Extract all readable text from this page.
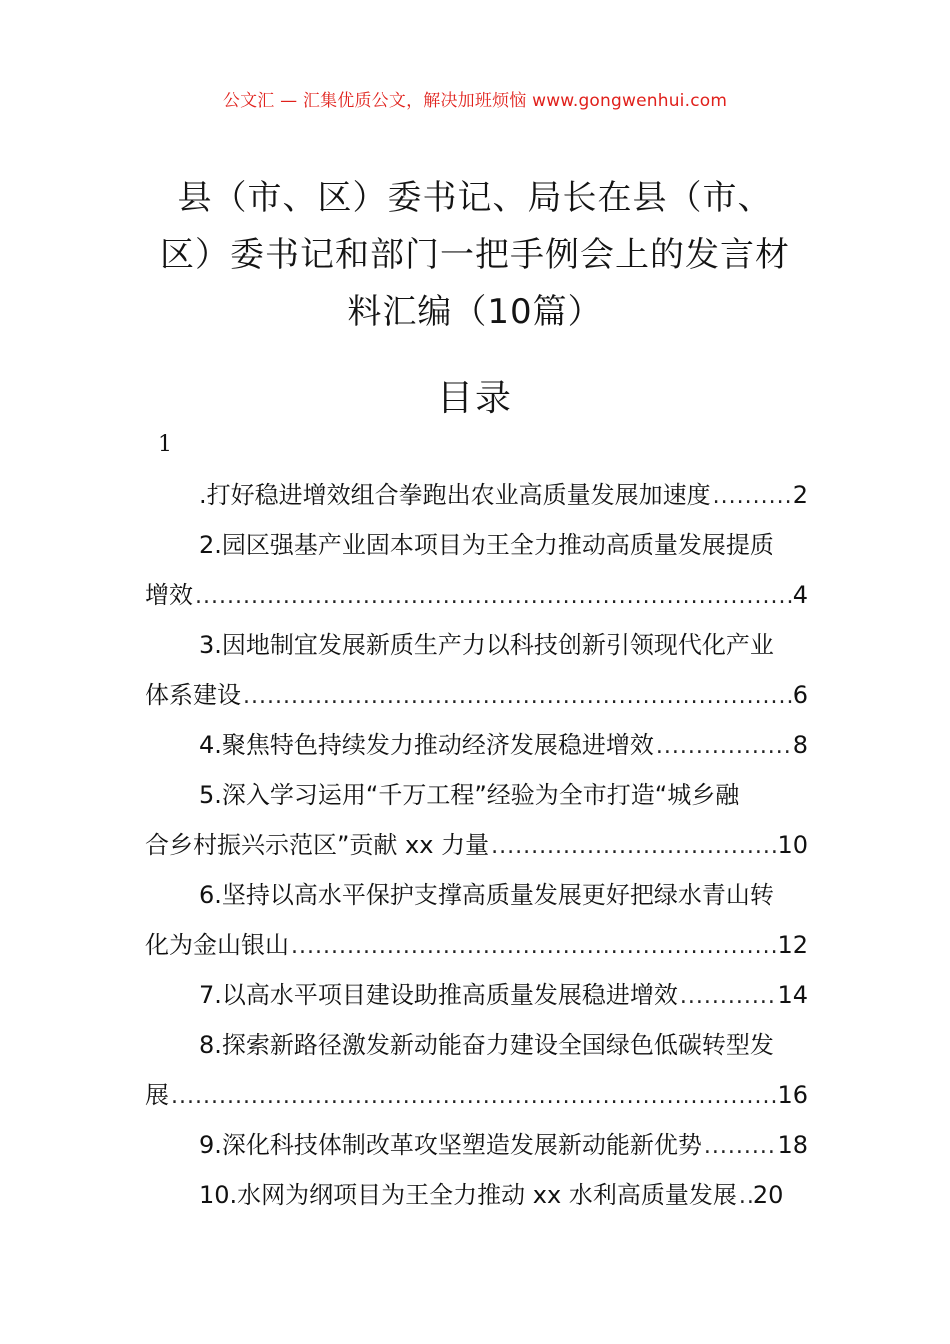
公文汇 — 汇集优质公文，解决加班烦恼 www.gongwenhui.com
县（市、区）委书记、局长在县（市、
区）委书记和部门一把手例会上的发言材
料汇编（10篇）
目录
1
.打好稳进增效组合拳跑出农业高质量发展加速度 .....	2
2.园区强基产业固本项目为王全力推动高质量发展提质
增效 .....	4
3.因地制宜发展新质生产力以科技创新引领现代化产业
体系建设 .....	6
4.聚焦特色持续发力推动经济发展稳进增效 .....	8
5.深入学习运用“千万工程”经验为全市打造“城乡融
合乡村振兴示范区”贡献 xx 力量 .....	10
6.坚持以高水平保护支撑高质量发展更好把绿水青山转
化为金山银山 .....	12
7.以高水平项目建设助推高质量发展稳进增效 .....	14
8.探索新路径激发新动能奋力建设全国绿色低碳转型发
展 .....	16
9.深化科技体制改革攻坚塑造发展新动能新优势 .....	18
10.水网为纲项目为王全力推动 xx 水利高质量发展 ..... 20
